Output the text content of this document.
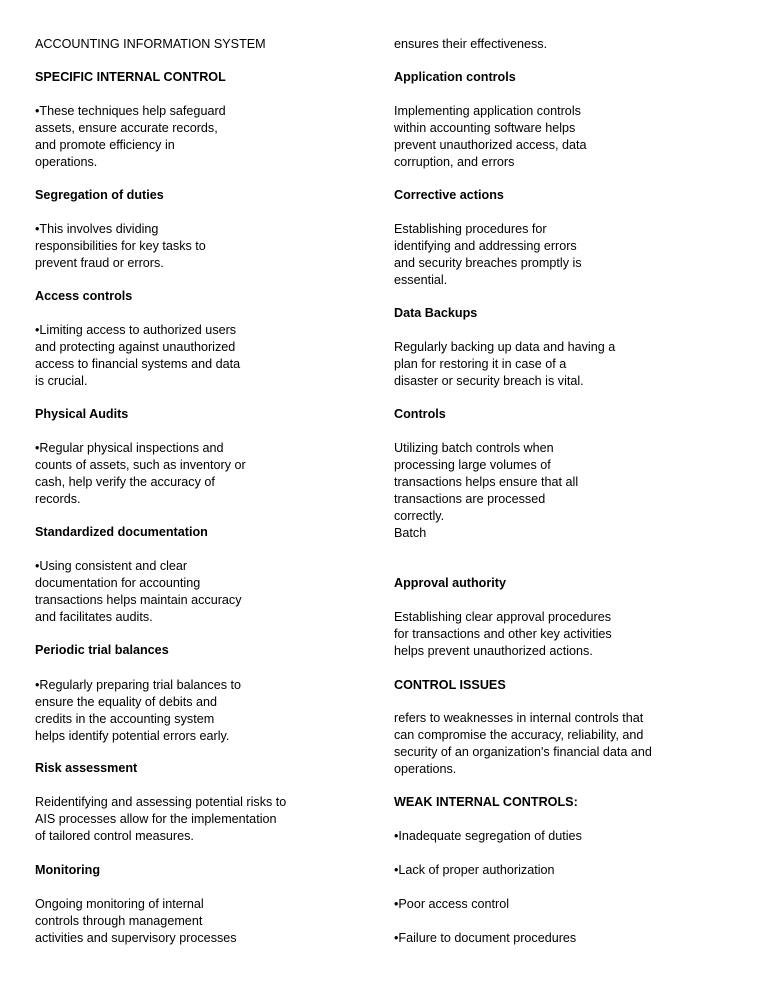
ACCOUNTING INFORMATION SYSTEM

SPECIFIC INTERNAL CONTROL

•These techniques help safeguard
assets, ensure accurate records,
and promote efficiency in
operations.

Segregation of duties

•This involves dividing
responsibilities for key tasks to
prevent fraud or errors.

Access controls

•Limiting access to authorized users
and protecting against unauthorized
access to financial systems and data
is crucial.

Physical Audits

•Regular physical inspections and
counts of assets, such as inventory or
cash, help verify the accuracy of
records.

Standardized documentation

•Using consistent and clear
documentation for accounting
transactions helps maintain accuracy
and facilitates audits.

Periodic trial balances

•Regularly preparing trial balances to
ensure the equality of debits and
credits in the accounting system
helps identify potential errors early.

Risk assessment

Reidentifying and assessing potential risks to
AIS processes allow for the implementation
of tailored control measures.

Monitoring

Ongoing monitoring of internal
controls through management
activities and supervisory processes

ensures their effectiveness.

Application controls

Implementing application controls
within accounting software helps
prevent unauthorized access, data
corruption, and errors

Corrective actions

Establishing procedures for
identifying and addressing errors
and security breaches promptly is
essential.

Data Backups

Regularly backing up data and having a
plan for restoring it in case of a
disaster or security breach is vital.

Controls

Utilizing batch controls when
processing large volumes of
transactions helps ensure that all
transactions are processed
correctly.
Batch

Approval authority

Establishing clear approval procedures
for transactions and other key activities
helps prevent unauthorized actions.

CONTROL ISSUES

refers to weaknesses in internal controls that
can compromise the accuracy, reliability, and
security of an organization's financial data and
operations.

WEAK INTERNAL CONTROLS:

•Inadequate segregation of duties

•Lack of proper authorization

•Poor access control

•Failure to document procedures
